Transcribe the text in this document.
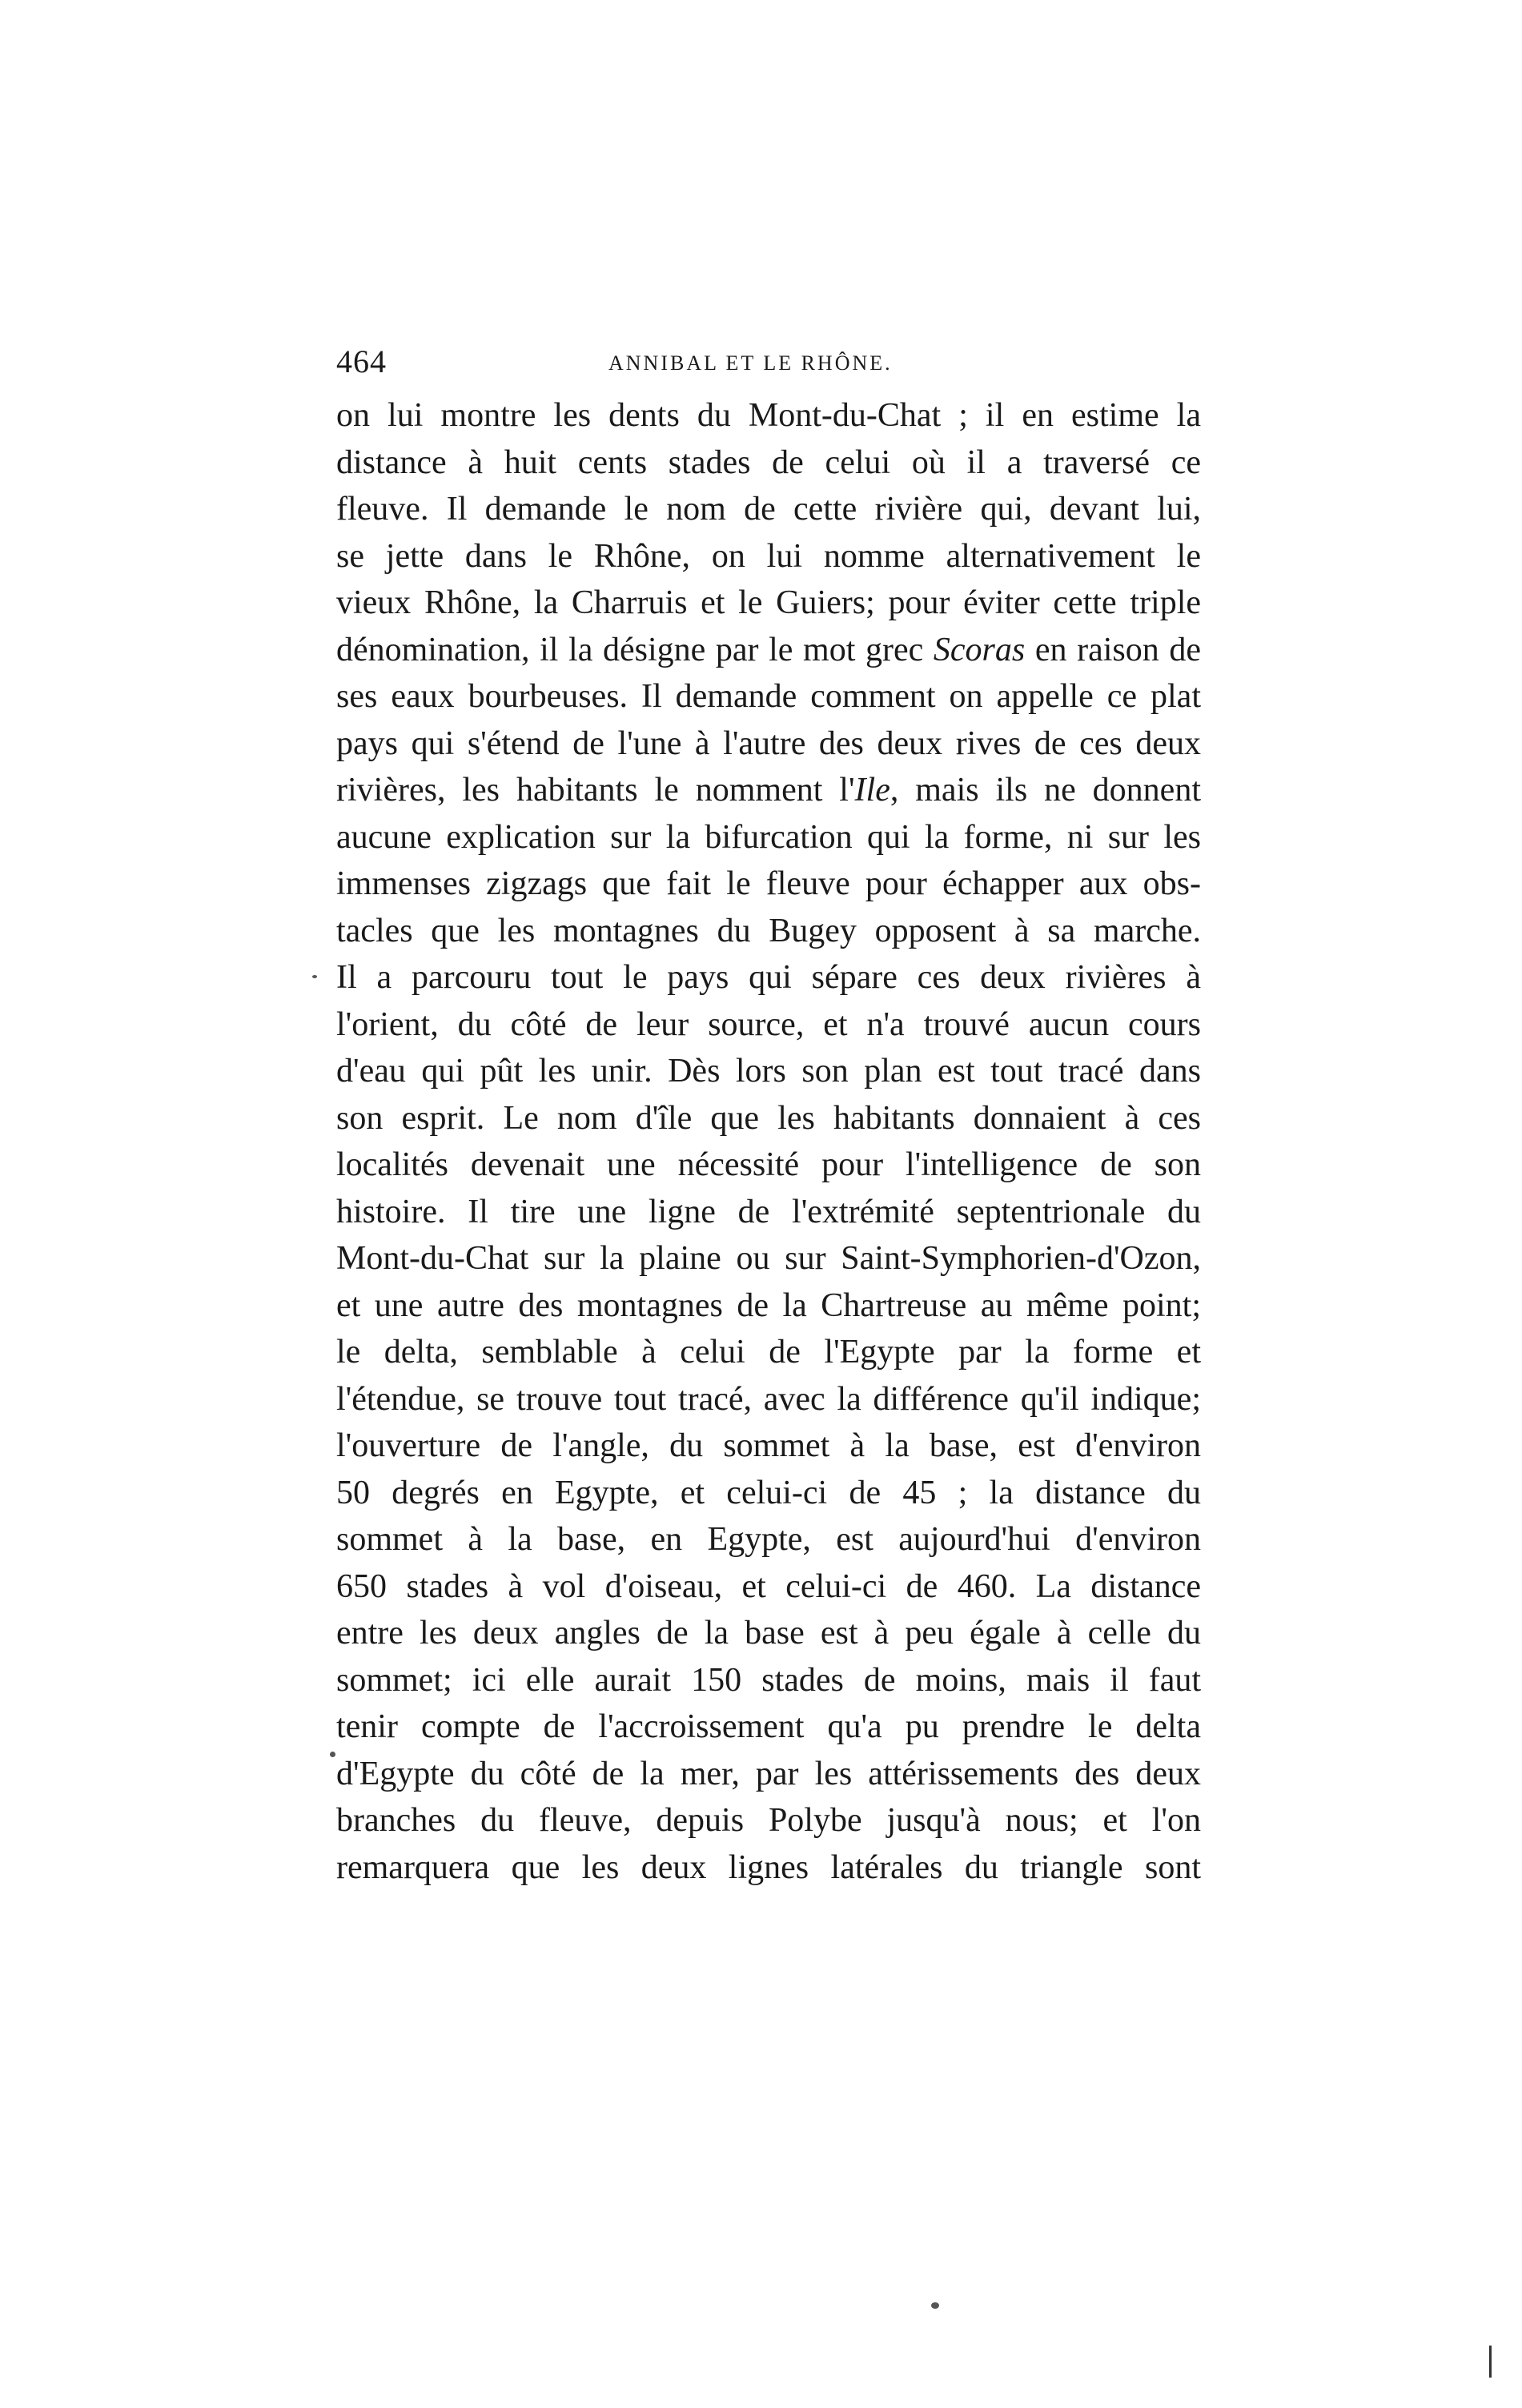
464	ANNIBAL ET LE RHÔNE.
on lui montre les dents du Mont-du-Chat ; il en estime la
distance à huit cents stades de celui où il a traversé ce
fleuve. Il demande le nom de cette rivière qui, devant lui,
se jette dans le Rhône, on lui nomme alternativement le
vieux Rhône, la Charruis et le Guiers; pour éviter cette triple
dénomination, il la désigne par le mot grec Scoras en raison de
ses eaux bourbeuses. Il demande comment on appelle ce plat
pays qui s'étend de l'une à l'autre des deux rives de ces deux
rivières, les habitants le nomment l'Ile, mais ils ne donnent
aucune explication sur la bifurcation qui la forme, ni sur les
immenses zigzags que fait le fleuve pour échapper aux obs-
tacles que les montagnes du Bugey opposent à sa marche.
Il a parcouru tout le pays qui sépare ces deux rivières à
l'orient, du côté de leur source, et n'a trouvé aucun cours
d'eau qui pût les unir. Dès lors son plan est tout tracé dans
son esprit. Le nom d'île que les habitants donnaient à ces
localités devenait une nécessité pour l'intelligence de son
histoire. Il tire une ligne de l'extrémité septentrionale du
Mont-du-Chat sur la plaine ou sur Saint-Symphorien-d'Ozon,
et une autre des montagnes de la Chartreuse au même point;
le delta, semblable à celui de l'Egypte par la forme et
l'étendue, se trouve tout tracé, avec la différence qu'il indique;
l'ouverture de l'angle, du sommet à la base, est d'environ
50 degrés en Egypte, et celui-ci de 45 ; la distance du
sommet à la base, en Egypte, est aujourd'hui d'environ
650 stades à vol d'oiseau, et celui-ci de 460. La distance
entre les deux angles de la base est à peu égale à celle du
sommet; ici elle aurait 150 stades de moins, mais il faut
tenir compte de l'accroissement qu'a pu prendre le delta
d'Egypte du côté de la mer, par les attérissements des deux
branches du fleuve, depuis Polybe jusqu'à nous; et l'on
remarquera que les deux lignes latérales du triangle sont
